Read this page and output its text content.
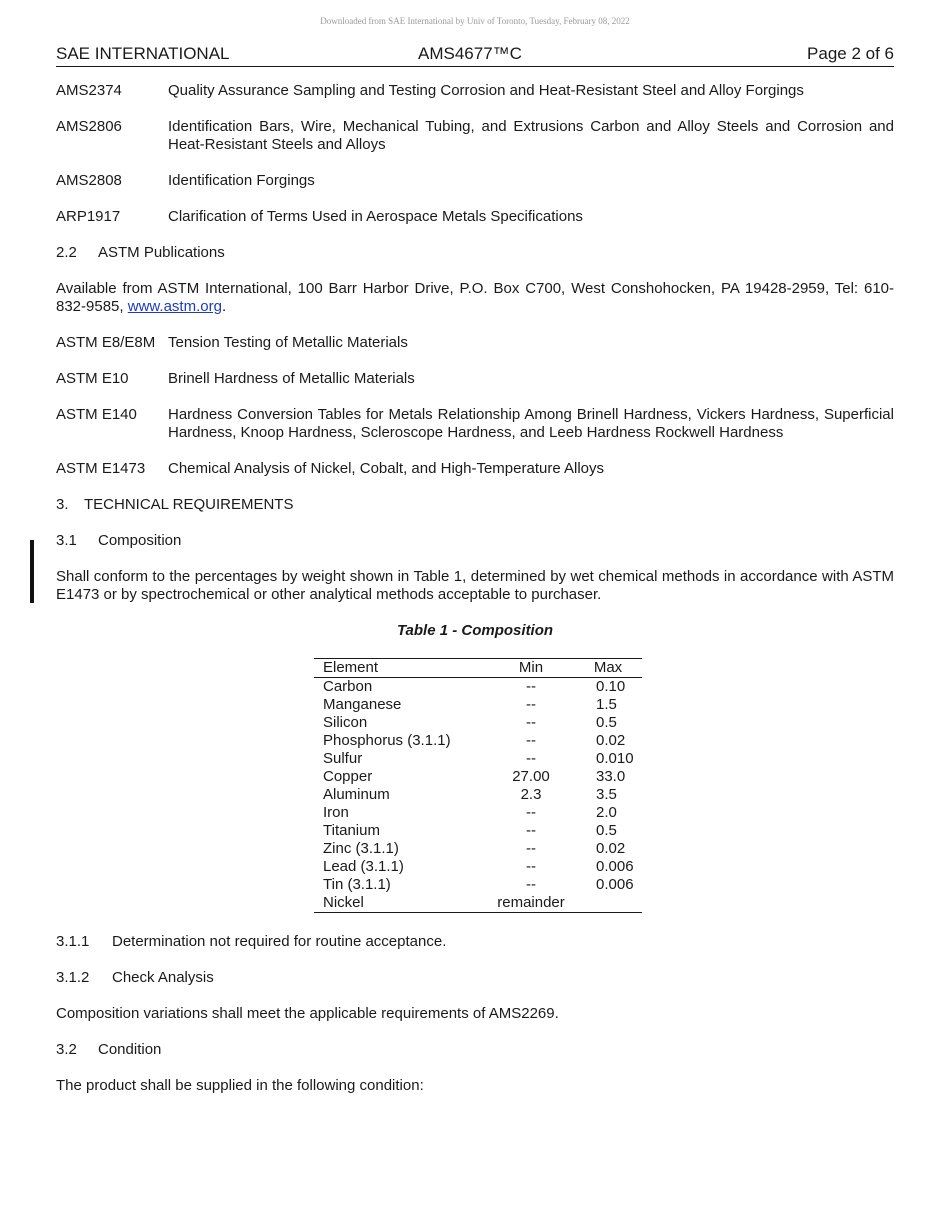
Downloaded from SAE International by Univ of Toronto, Tuesday, February 08, 2022
SAE INTERNATIONAL	AMS4677™C	Page 2 of 6
AMS2374	Quality Assurance Sampling and Testing Corrosion and Heat-Resistant Steel and Alloy Forgings
AMS2806	Identification Bars, Wire, Mechanical Tubing, and Extrusions Carbon and Alloy Steels and Corrosion and Heat-Resistant Steels and Alloys
AMS2808	Identification Forgings
ARP1917	Clarification of Terms Used in Aerospace Metals Specifications
2.2 ASTM Publications
Available from ASTM International, 100 Barr Harbor Drive, P.O. Box C700, West Conshohocken, PA 19428-2959, Tel: 610-832-9585, www.astm.org.
ASTM E8/E8M Tension Testing of Metallic Materials
ASTM E10	Brinell Hardness of Metallic Materials
ASTM E140	Hardness Conversion Tables for Metals Relationship Among Brinell Hardness, Vickers Hardness, Superficial Hardness, Knoop Hardness, Scleroscope Hardness, and Leeb Hardness Rockwell Hardness
ASTM E1473	Chemical Analysis of Nickel, Cobalt, and High-Temperature Alloys
3. TECHNICAL REQUIREMENTS
3.1 Composition
Shall conform to the percentages by weight shown in Table 1, determined by wet chemical methods in accordance with ASTM E1473 or by spectrochemical or other analytical methods acceptable to purchaser.
Table 1 - Composition
Element	Min	Max
Carbon	--	0.10
Manganese	--	1.5
Silicon	--	0.5
Phosphorus (3.1.1)	--	0.02
Sulfur	--	0.010
Copper	27.00	33.0
Aluminum	2.3	3.5
Iron	--	2.0
Titanium	--	0.5
Zinc (3.1.1)	--	0.02
Lead (3.1.1)	--	0.006
Tin (3.1.1)	--	0.006
Nickel	remainder	
3.1.1 Determination not required for routine acceptance.
3.1.2 Check Analysis
Composition variations shall meet the applicable requirements of AMS2269.
3.2 Condition
The product shall be supplied in the following condition:
